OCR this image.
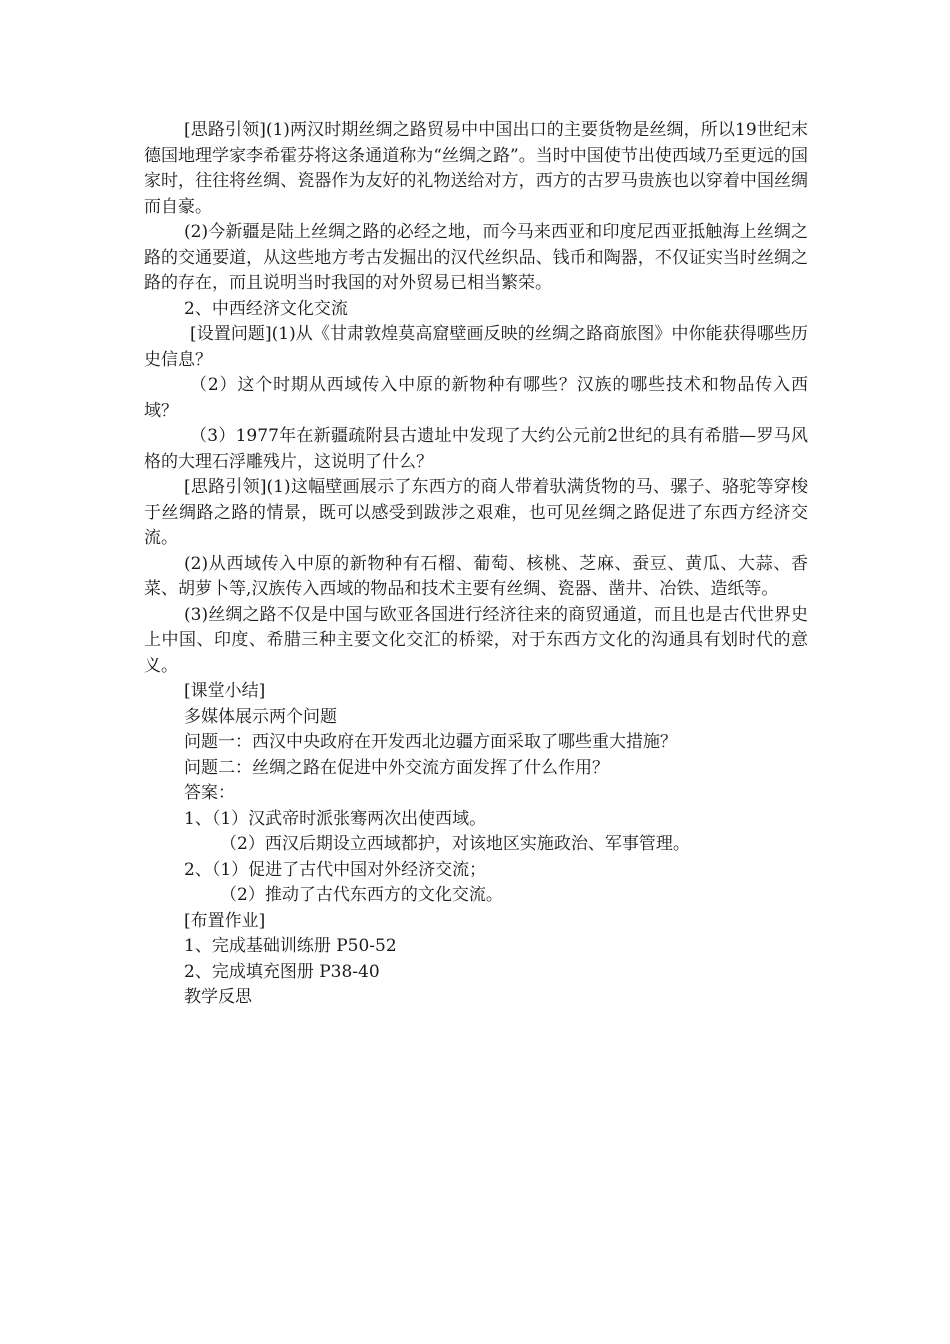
[思路引领](1)两汉时期丝绸之路贸易中中国出口的主要货物是丝绸，所以19世纪末德国地理学家李希霍芬将这条通道称为“丝绸之路”。当时中国使节出使西域乃至更远的国家时，往往将丝绸、瓷器作为友好的礼物送给对方，西方的古罗马贵族也以穿着中国丝绸而自豪。

(2)今新疆是陆上丝绸之路的必经之地，而今马来西亚和印度尼西亚抵触海上丝绸之路的交通要道，从这些地方考古发掘出的汉代丝织品、钱币和陶器，不仅证实当时丝绸之路的存在，而且说明当时我国的对外贸易已相当繁荣。

2、中西经济文化交流

[设置问题](1)从《甘肃敦煌莫高窟壁画反映的丝绸之路商旅图》中你能获得哪些历史信息？

（2）这个时期从西域传入中原的新物种有哪些？汉族的哪些技术和物品传入西域？

（3）1977年在新疆疏附县古遗址中发现了大约公元前2世纪的具有希腊—罗马风格的大理石浮雕残片，这说明了什么？

[思路引领](1)这幅壁画展示了东西方的商人带着驮满货物的马、骡子、骆驼等穿梭于丝绸路之路的情景，既可以感受到跋涉之艰难，也可见丝绸之路促进了东西方经济交流。

(2)从西域传入中原的新物种有石榴、葡萄、核桃、芝麻、蚕豆、黄瓜、大蒜、香菜、胡萝卜等,汉族传入西域的物品和技术主要有丝绸、瓷器、凿井、冶铁、造纸等。

(3)丝绸之路不仅是中国与欧亚各国进行经济往来的商贸通道，而且也是古代世界史上中国、印度、希腊三种主要文化交汇的桥梁，对于东西方文化的沟通具有划时代的意义。

[课堂小结]

多媒体展示两个问题

问题一：西汉中央政府在开发西北边疆方面采取了哪些重大措施？

问题二：丝绸之路在促进中外交流方面发挥了什么作用？

答案：

1、（1）汉武帝时派张骞两次出使西域。

（2）西汉后期设立西域都护，对该地区实施政治、军事管理。

2、（1）促进了古代中国对外经济交流；

（2）推动了古代东西方的文化交流。

[布置作业]

1、完成基础训练册 P50-52

2、完成填充图册 P38-40

教学反思
